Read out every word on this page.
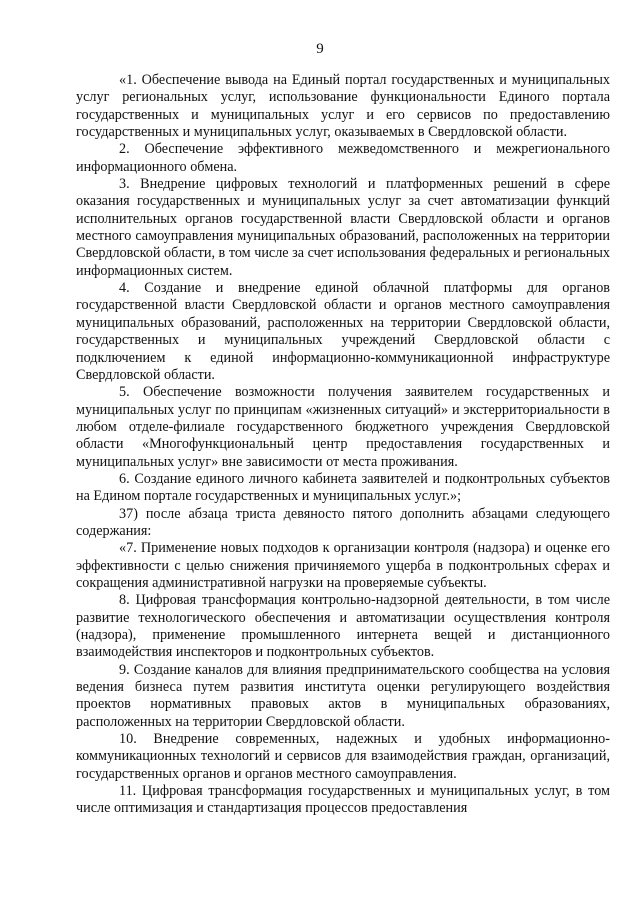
9

«1. Обеспечение вывода на Единый портал государственных и муниципальных услуг региональных услуг, использование функциональности Единого портала государственных и муниципальных услуг и его сервисов по предоставлению государственных и муниципальных услуг, оказываемых в Свердловской области.

2. Обеспечение эффективного межведомственного и межрегионального информационного обмена.

3. Внедрение цифровых технологий и платформенных решений в сфере оказания государственных и муниципальных услуг за счет автоматизации функций исполнительных органов государственной власти Свердловской области и органов местного самоуправления муниципальных образований, расположенных на территории Свердловской области, в том числе за счет использования федеральных и региональных информационных систем.

4. Создание и внедрение единой облачной платформы для органов государственной власти Свердловской области и органов местного самоуправления муниципальных образований, расположенных на территории Свердловской области, государственных и муниципальных учреждений Свердловской области с подключением к единой информационно-коммуникационной инфраструктуре Свердловской области.

5. Обеспечение возможности получения заявителем государственных и муниципальных услуг по принципам «жизненных ситуаций» и экстерриториальности в любом отделе-филиале государственного бюджетного учреждения Свердловской области «Многофункциональный центр предоставления государственных и муниципальных услуг» вне зависимости от места проживания.

6. Создание единого личного кабинета заявителей и подконтрольных субъектов на Едином портале государственных и муниципальных услуг.»;

37) после абзаца триста девяносто пятого дополнить абзацами следующего содержания:

«7. Применение новых подходов к организации контроля (надзора) и оценке его эффективности с целью снижения причиняемого ущерба в подконтрольных сферах и сокращения административной нагрузки на проверяемые субъекты.

8. Цифровая трансформация контрольно-надзорной деятельности, в том числе развитие технологического обеспечения и автоматизации осуществления контроля (надзора), применение промышленного интернета вещей и дистанционного взаимодействия инспекторов и подконтрольных субъектов.

9. Создание каналов для влияния предпринимательского сообщества на условия ведения бизнеса путем развития института оценки регулирующего воздействия проектов нормативных правовых актов в муниципальных образованиях, расположенных на территории Свердловской области.

10. Внедрение современных, надежных и удобных информационно-коммуникационных технологий и сервисов для взаимодействия граждан, организаций, государственных органов и органов местного самоуправления.

11. Цифровая трансформация государственных и муниципальных услуг, в том числе оптимизация и стандартизация процессов предоставления
